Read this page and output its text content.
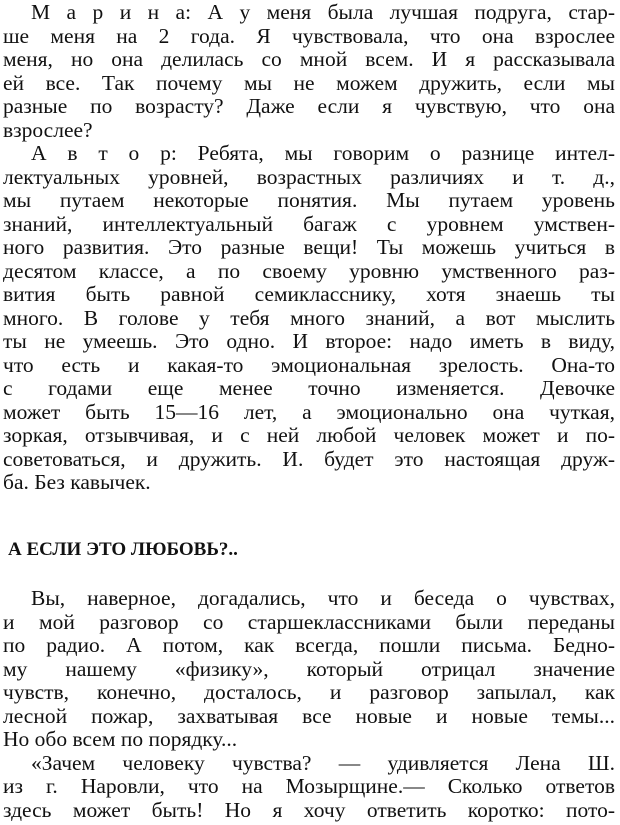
М а р и н а: А у меня была лучшая подруга, стар-
ше меня на 2 года. Я чувствовала, что она взрослее
меня, но она делилась со мной всем. И я рассказывала
ей все. Так почему мы не можем дружить, если мы
разные по возрасту? Даже если я чувствую, что она
взрослее?
А в т о р: Ребята, мы говорим о разнице интел-
лектуальных уровней, возрастных различиях и т. д.,
мы путаем некоторые понятия. Мы путаем уровень
знаний, интеллектуальный багаж с уровнем умствен-
ного развития. Это разные вещи! Ты можешь учиться в
десятом классе, а по своему уровню умственного раз-
вития быть равной семикласснику, хотя знаешь ты
много. В голове у тебя много знаний, а вот мыслить
ты не умеешь. Это одно. И второе: надо иметь в виду,
что есть и какая-то эмоциональная зрелость. Она-то
с годами еще менее точно изменяется. Девочке
может быть 15—16 лет, а эмоционально она чуткая,
зоркая, отзывчивая, и с ней любой человек может и по-
советоваться, и дружить. И. будет это настоящая друж-
ба. Без кавычек.
А ЕСЛИ ЭТО ЛЮБОВЬ?..
Вы, наверное, догадались, что и беседа о чувствах,
и мой разговор со старшеклассниками были переданы
по радио. А потом, как всегда, пошли письма. Бедно-
му нашему «физику», который отрицал значение
чувств, конечно, досталось, и разговор запылал, как
лесной пожар, захватывая все новые и новые темы...
Но обо всем по порядку...
«Зачем человеку чувства? — удивляется Лена Ш.
из г. Наровли, что на Мозырщине.— Сколько ответов
здесь может быть! Но я хочу ответить коротко: пото-
